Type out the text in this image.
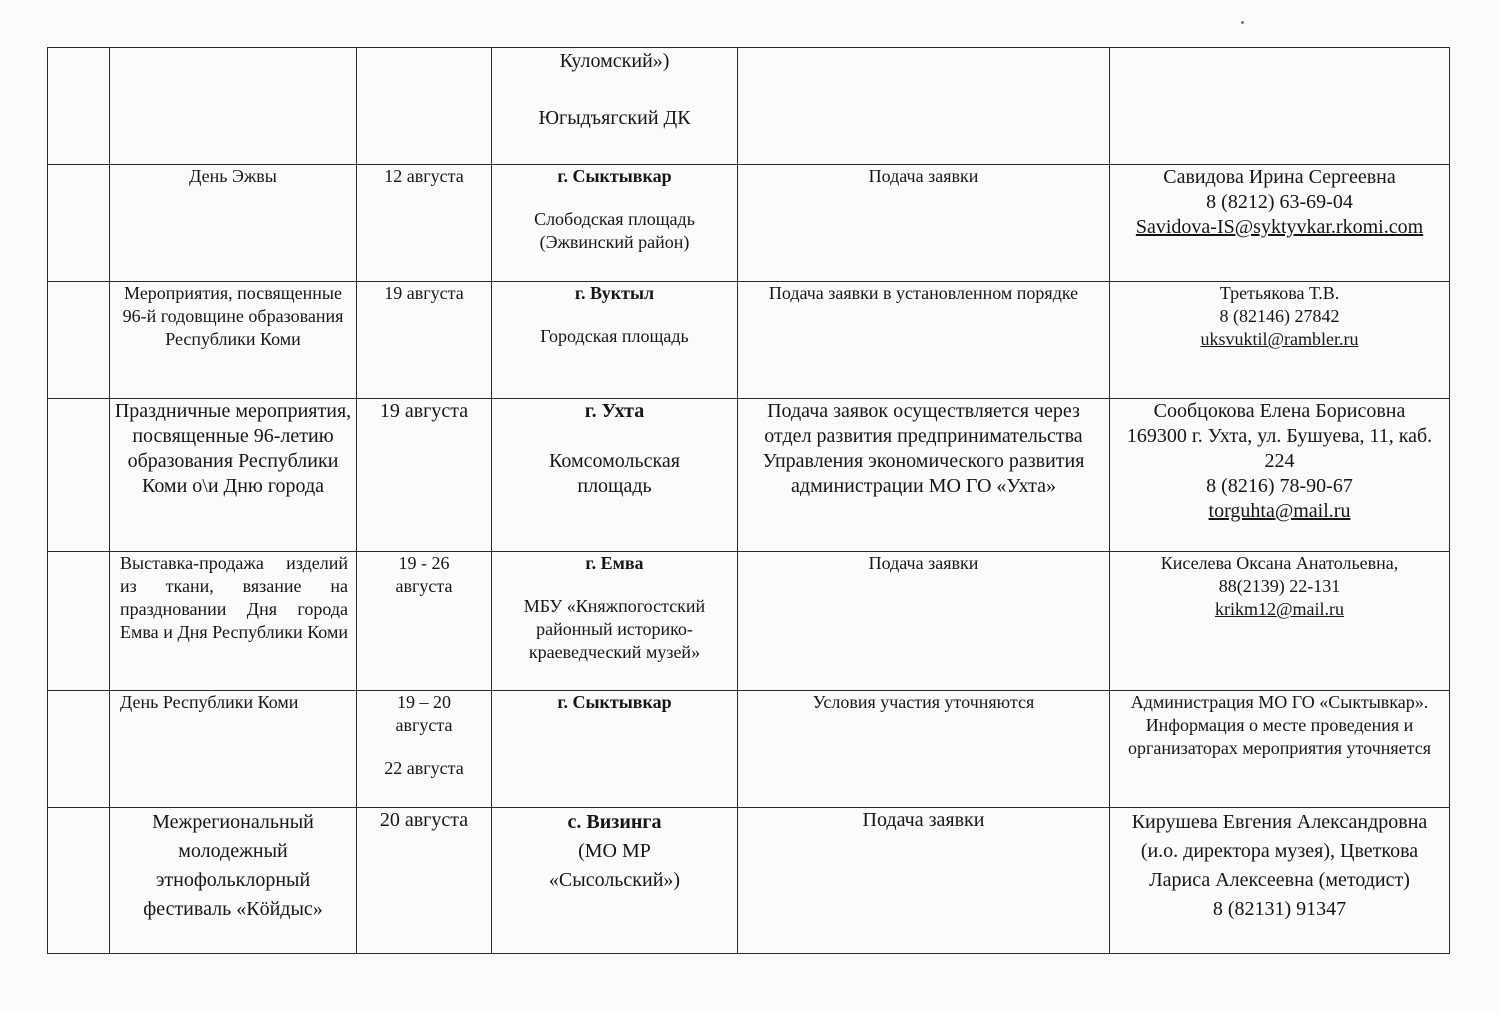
			Куломский»)
Югыдъягский ДК		

	День Эжвы	12 августа	г. Сыктывкар
Слободская площадь
(Эжвинский район)	Подача заявки	Савидова Ирина Сергеевна
8 (8212) 63-69-04
Savidova-IS@syktyvkar.rkomi.com

	Мероприятия, посвященные 96-й годовщине образования Республики Коми	19 августа	г. Вуктыл
Городская площадь	Подача заявки в установленном порядке	Третьякова Т.В.
8 (82146) 27842
uksvuktil@rambler.ru

	Праздничные мероприятия, посвященные 96-летию образования Республики Коми о\и Дню города	19 августа	г. Ухта
Комсомольская площадь	Подача заявок осуществляется через отдел развития предпринимательства Управления экономического развития администрации МО ГО «Ухта»	Сообцокова Елена Борисовна
169300 г. Ухта, ул. Бушуева, 11, каб. 224
8 (8216) 78-90-67
torguhta@mail.ru

	Выставка-продажа изделий из ткани, вязание на праздновании Дня города Емва и Дня Республики Коми	19 - 26 августа	г. Емва
МБУ «Княжпогостский районный историко-краеведческий музей»	Подача заявки	Киселева Оксана Анатольевна,
88(2139) 22-131
krikm12@mail.ru

	День Республики Коми	19 – 20 августа
22 августа	г. Сыктывкар	Условия участия уточняются	Администрация МО ГО «Сыктывкар». Информация о месте проведения и организаторах мероприятия уточняется
	Межрегиональный молодежный этнофольклорный фестиваль «Кöйдыс»	20 августа	с. Визинга
(МО МР «Сысольский»)	Подача заявки	Кирушева Евгения Александровна (и.о. директора музея), Цветкова Лариса Алексеевна (методист)
8 (82131) 91347
